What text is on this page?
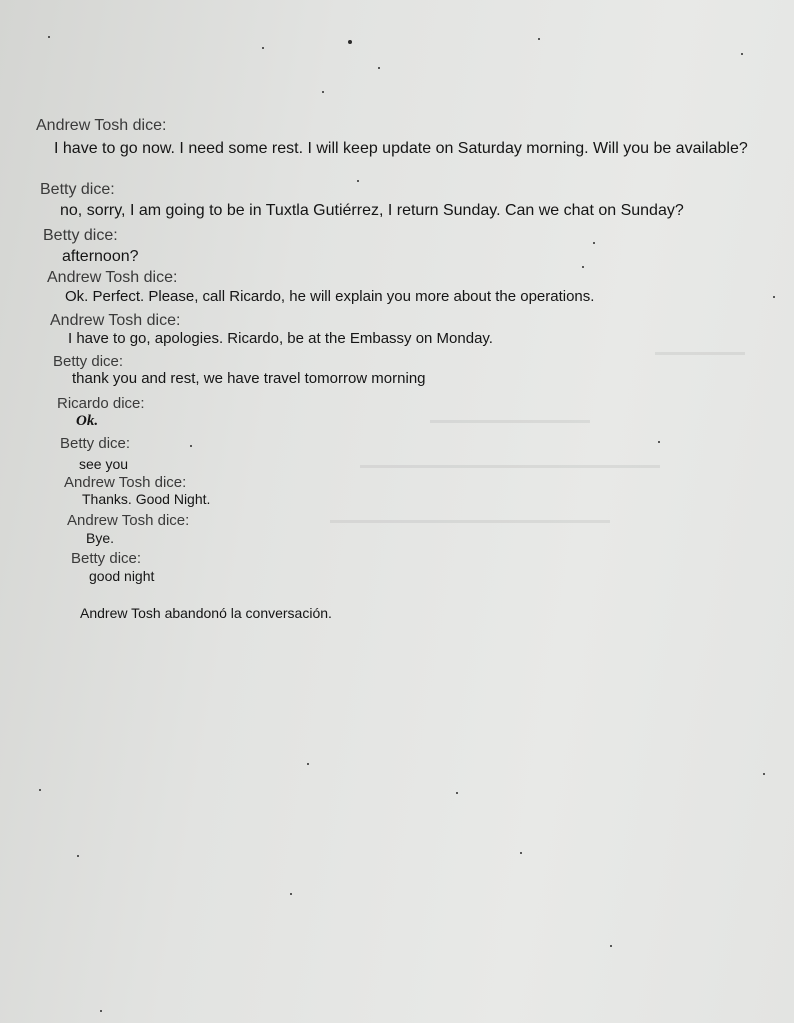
Andrew Tosh dice:
I have to go now. I need some rest. I will keep update on Saturday morning. Will you be available?
Betty dice:
no, sorry, I am going to be in Tuxtla Gutiérrez, I return Sunday. Can we chat on Sunday?
Betty dice:
afternoon?
Andrew Tosh dice:
Ok. Perfect. Please, call Ricardo, he will explain you more about the operations.
Andrew Tosh dice:
I have to go, apologies. Ricardo, be at the Embassy on Monday.
Betty dice:
thank you and rest, we have travel tomorrow morning
Ricardo dice:
Ok.
Betty dice:
see you
Andrew Tosh dice:
Thanks. Good Night.
Andrew Tosh dice:
Bye.
Betty dice:
good night
Andrew Tosh abandonó la conversación.
